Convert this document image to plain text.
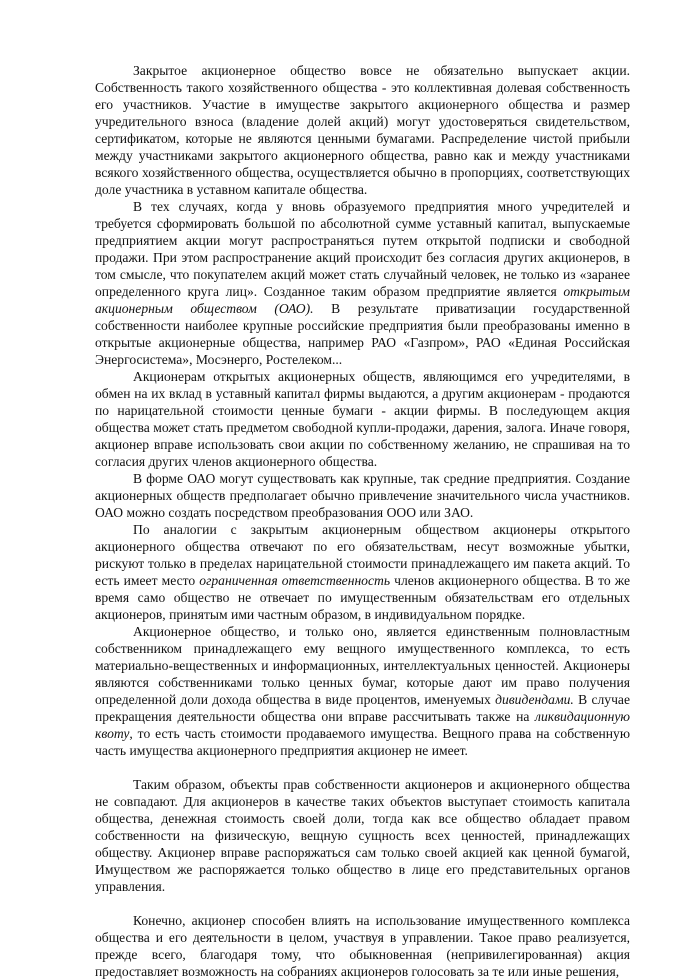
Закрытое акционерное общество вовсе не обязательно выпускает акции. Собственность такого хозяйственного общества - это коллективная долевая собственность его участников. Участие в имуществе закрытого акционерного общества и размер учредительного взноса (владение долей акций) могут удостоверяться свидетельством, сертификатом, которые не являются ценными бумагами. Распределение чистой прибыли между участниками закрытого акционерного общества, равно как и между участниками всякого хозяйственного общества, осуществляется обычно в пропорциях, соответствующих доле участника в уставном капитале общества.

В тех случаях, когда у вновь образуемого предприятия много учредителей и требуется сформировать большой по абсолютной сумме уставный капитал, выпускаемые предприятием акции могут распространяться путем открытой подписки и свободной продажи. При этом распространение акций происходит без согласия других акционеров, в том смысле, что покупателем акций может стать случайный человек, не только из «заранее определенного круга лиц». Созданное таким образом предприятие является открытым акционерным обществом (ОАО). В результате приватизации государственной собственности наиболее крупные российские предприятия были преобразованы именно в открытые акционерные общества, например РАО «Газпром», РАО «Единая Российская Энергосистема», Мосэнерго, Ростелеком...

Акционерам открытых акционерных обществ, являющимся его учредителями, в обмен на их вклад в уставный капитал фирмы выдаются, а другим акционерам - продаются по нарицательной стоимости ценные бумаги - акции фирмы. В последующем акция общества может стать предметом свободной купли-продажи, дарения, залога. Иначе говоря, акционер вправе использовать свои акции по собственному желанию, не спрашивая на то согласия других членов акционерного общества.

В форме ОАО могут существовать как крупные, так средние предприятия. Создание акционерных обществ предполагает обычно привлечение значительного числа участников. ОАО можно создать посредством преобразования ООО или ЗАО.

По аналогии с закрытым акционерным обществом акционеры открытого акционерного общества отвечают по его обязательствам, несут возможные убытки, рискуют только в пределах нарицательной стоимости принадлежащего им пакета акций. То есть имеет место ограниченная ответственность членов акционерного общества. В то же время само общество не отвечает по имущественным обязательствам его отдельных акционеров, принятым ими частным образом, в индивидуальном порядке.

Акционерное общество, и только оно, является единственным полновластным собственником принадлежащего ему вещного имущественного комплекса, то есть материально-вещественных и информационных, интеллектуальных ценностей. Акционеры являются собственниками только ценных бумаг, которые дают им право получения определенной доли дохода общества в виде процентов, именуемых дивидендами. В случае прекращения деятельности общества они вправе рассчитывать также на ликвидационную квоту, то есть часть стоимости продаваемого имущества. Вещного права на собственную часть имущества акционерного предприятия акционер не имеет.

Таким образом, объекты прав собственности акционеров и акционерного общества не совпадают. Для акционеров в качестве таких объектов выступает стоимость капитала общества, денежная стоимость своей доли, тогда как все общество обладает правом собственности на физическую, вещную сущность всех ценностей, принадлежащих обществу. Акционер вправе распоряжаться сам только своей акцией как ценной бумагой, Имуществом же распоряжается только общество в лице его представительных органов управления.

Конечно, акционер способен влиять на использование имущественного комплекса общества и его деятельности в целом, участвуя в управлении. Такое право реализуется, прежде всего, благодаря тому, что обыкновенная (непривилегированная) акция предоставляет возможность на собраниях акционеров голосовать за те или иные решения,
